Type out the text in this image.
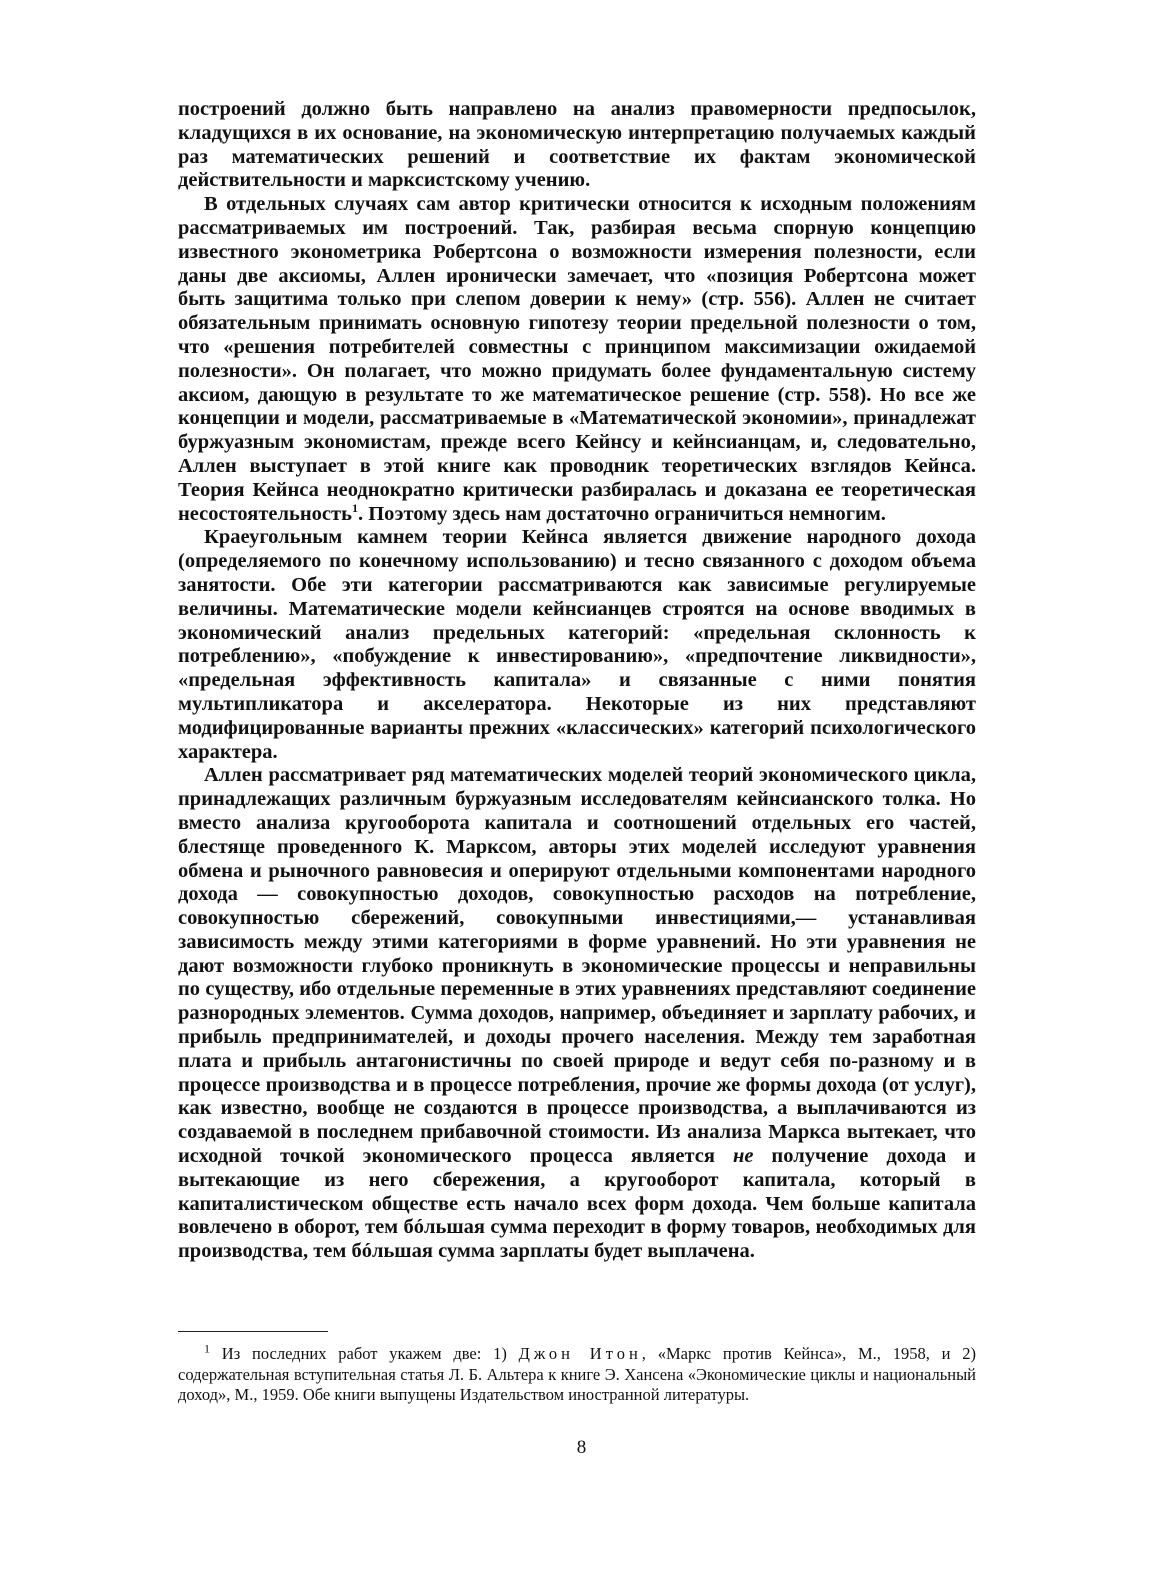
построений должно быть направлено на анализ правомерности предпосылок, кладущихся в их основание, на экономическую интерпретацию получаемых каждый раз математических решений и соответствие их фактам экономической действительности и марксистскому учению.

В отдельных случаях сам автор критически относится к исходным положениям рассматриваемых им построений. Так, разбирая весьма спорную концепцию известного эконометрика Робертсона о возможности измерения полезности, если даны две аксиомы, Аллен иронически замечает, что «позиция Робертсона может быть защитима только при слепом доверии к нему» (стр. 556). Аллен не считает обязательным принимать основную гипотезу теории предельной полезности о том, что «решения потребителей совместны с принципом максимизации ожидаемой полезности». Он полагает, что можно придумать более фундаментальную систему аксиом, дающую в результате то же математическое решение (стр. 558). Но все же концепции и модели, рассматриваемые в «Математической экономии», принадлежат буржуазным экономистам, прежде всего Кейнсу и кейнсианцам, и, следовательно, Аллен выступает в этой книге как проводник теоретических взглядов Кейнса. Теория Кейнса неоднократно критически разбиралась и доказана ее теоретическая несостоятельность$^1$. Поэтому здесь нам достаточно ограничиться немногим.

Краеугольным камнем теории Кейнса является движение народного дохода (определяемого по конечному использованию) и тесно связанного с доходом объема занятости. Обе эти категории рассматриваются как зависимые регулируемые величины. Математические модели кейнсианцев строятся на основе вводимых в экономический анализ предельных категорий: «предельная склонность к потреблению», «побуждение к инвестированию», «предпочтение ликвидности», «предельная эффективность капитала» и связанные с ними понятия мультипликатора и акселератора. Некоторые из них представляют модифицированные варианты прежних «классических» категорий психологического характера.

Аллен рассматривает ряд математических моделей теорий экономического цикла, принадлежащих различным буржуазным исследователям кейнсианского толка. Но вместо анализа кругооборота капитала и соотношений отдельных его частей, блестяще проведенного К. Марксом, авторы этих моделей исследуют уравнения обмена и рыночного равновесия и оперируют отдельными компонентами народного дохода — совокупностью доходов, совокупностью расходов на потребление, совокупностью сбережений, совокупными инвестициями,— устанавливая зависимость между этими категориями в форме уравнений. Но эти уравнения не дают возможности глубоко проникнуть в экономические процессы и неправильны по существу, ибо отдельные переменные в этих уравнениях представляют соединение разнородных элементов. Сумма доходов, например, объединяет и зарплату рабочих, и прибыль предпринимателей, и доходы прочего населения. Между тем заработная плата и прибыль антагонистичны по своей природе и ведут себя по-разному и в процессе производства и в процессе потребления, прочие же формы дохода (от услуг), как известно, вообще не создаются в процессе производства, а выплачиваются из создаваемой в последнем прибавочной стоимости. Из анализа Маркса вытекает, что исходной точкой экономического процесса является не получение дохода и вытекающие из него сбережения, а кругооборот капитала, который в капиталистическом обществе есть начало всех форм дохода. Чем больше капитала вовлечено в оборот, тем бóльшая сумма переходит в форму товаров, необходимых для производства, тем бóльшая сумма зарплаты будет выплачена.

$^1$ Из последних работ укажем две: 1) Джон Итон, «Маркс против Кейнса», М., 1958, и 2) содержательная вступительная статья Л. Б. Альтера к книге Э. Хансена «Экономические циклы и национальный доход», М., 1959. Обе книги выпущены Издательством иностранной литературы.
8
